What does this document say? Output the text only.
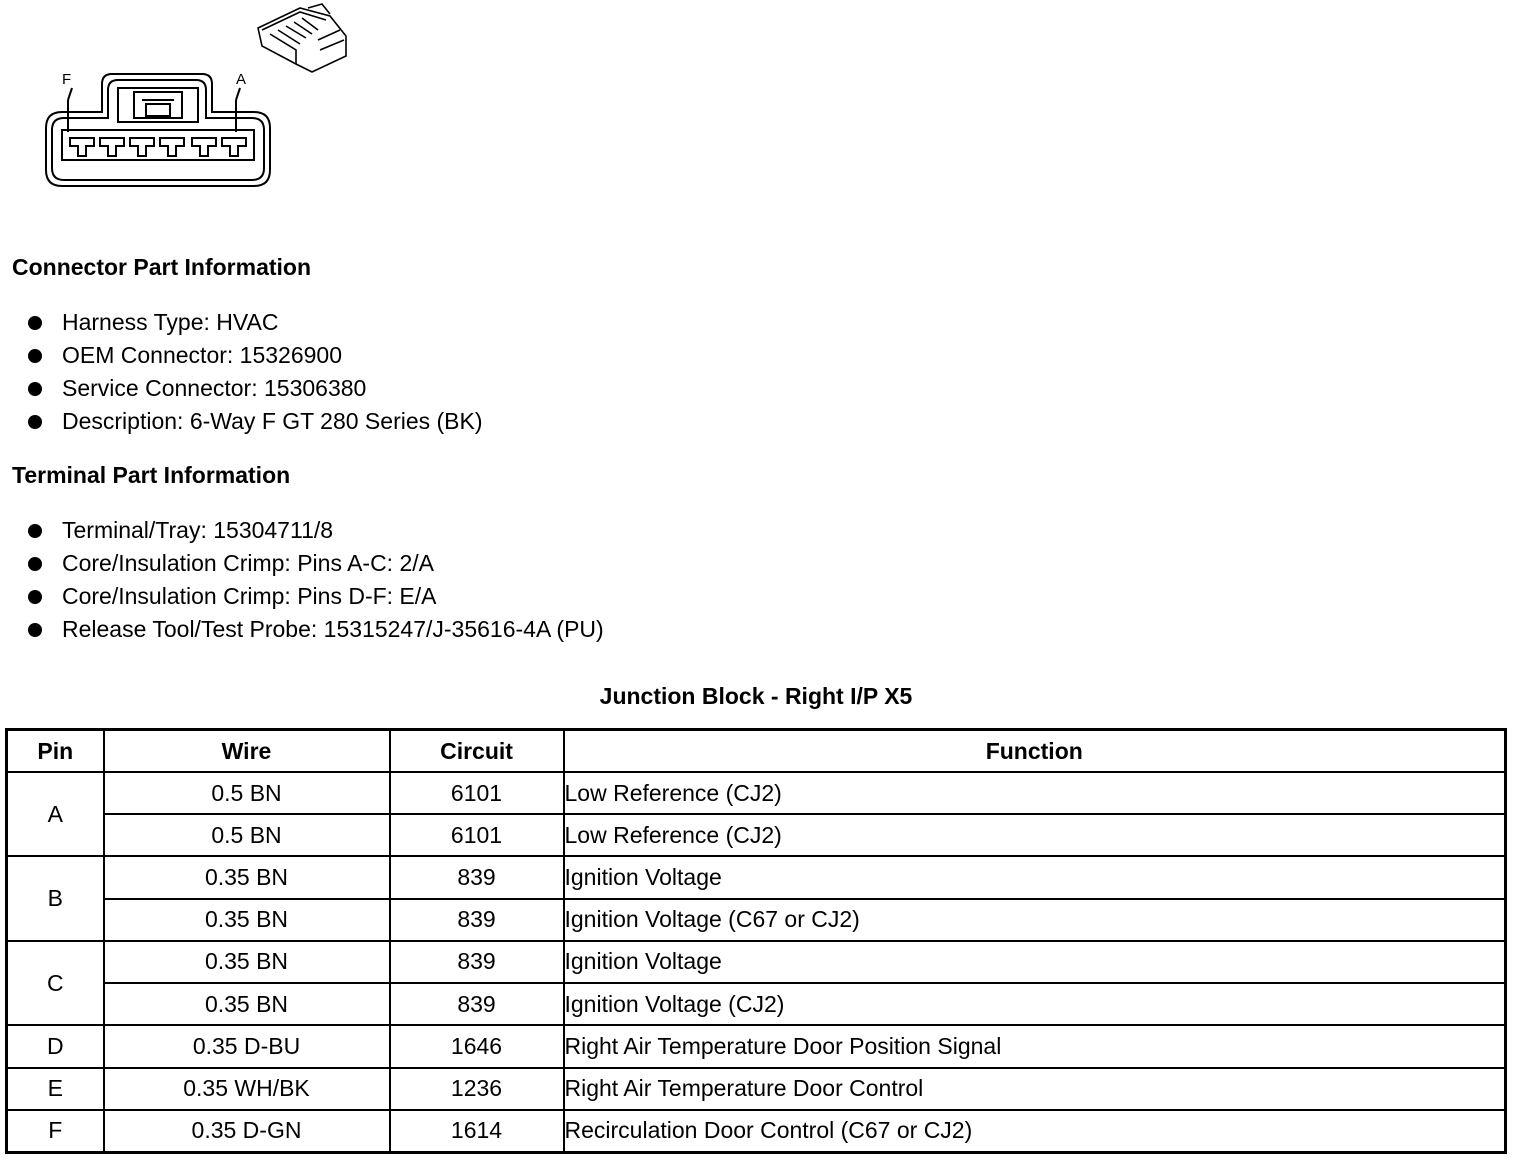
F	A
Connector Part Information
Harness Type: HVAC
OEM Connector: 15326900
Service Connector: 15306380
Description: 6-Way F GT 280 Series (BK)
Terminal Part Information
Terminal/Tray: 15304711/8
Core/Insulation Crimp: Pins A-C: 2/A
Core/Insulation Crimp: Pins D-F: E/A
Release Tool/Test Probe: 15315247/J-35616-4A (PU)
Junction Block - Right I/P X5
Pin	Wire	Circuit	Function
A	0.5 BN	6101	Low Reference (CJ2)
	0.5 BN	6101	Low Reference (CJ2)
B	0.35 BN	839	Ignition Voltage
	0.35 BN	839	Ignition Voltage (C67 or CJ2)
C	0.35 BN	839	Ignition Voltage
	0.35 BN	839	Ignition Voltage (CJ2)
D	0.35 D-BU	1646	Right Air Temperature Door Position Signal
E	0.35 WH/BK	1236	Right Air Temperature Door Control
F	0.35 D-GN	1614	Recirculation Door Control (C67 or CJ2)
